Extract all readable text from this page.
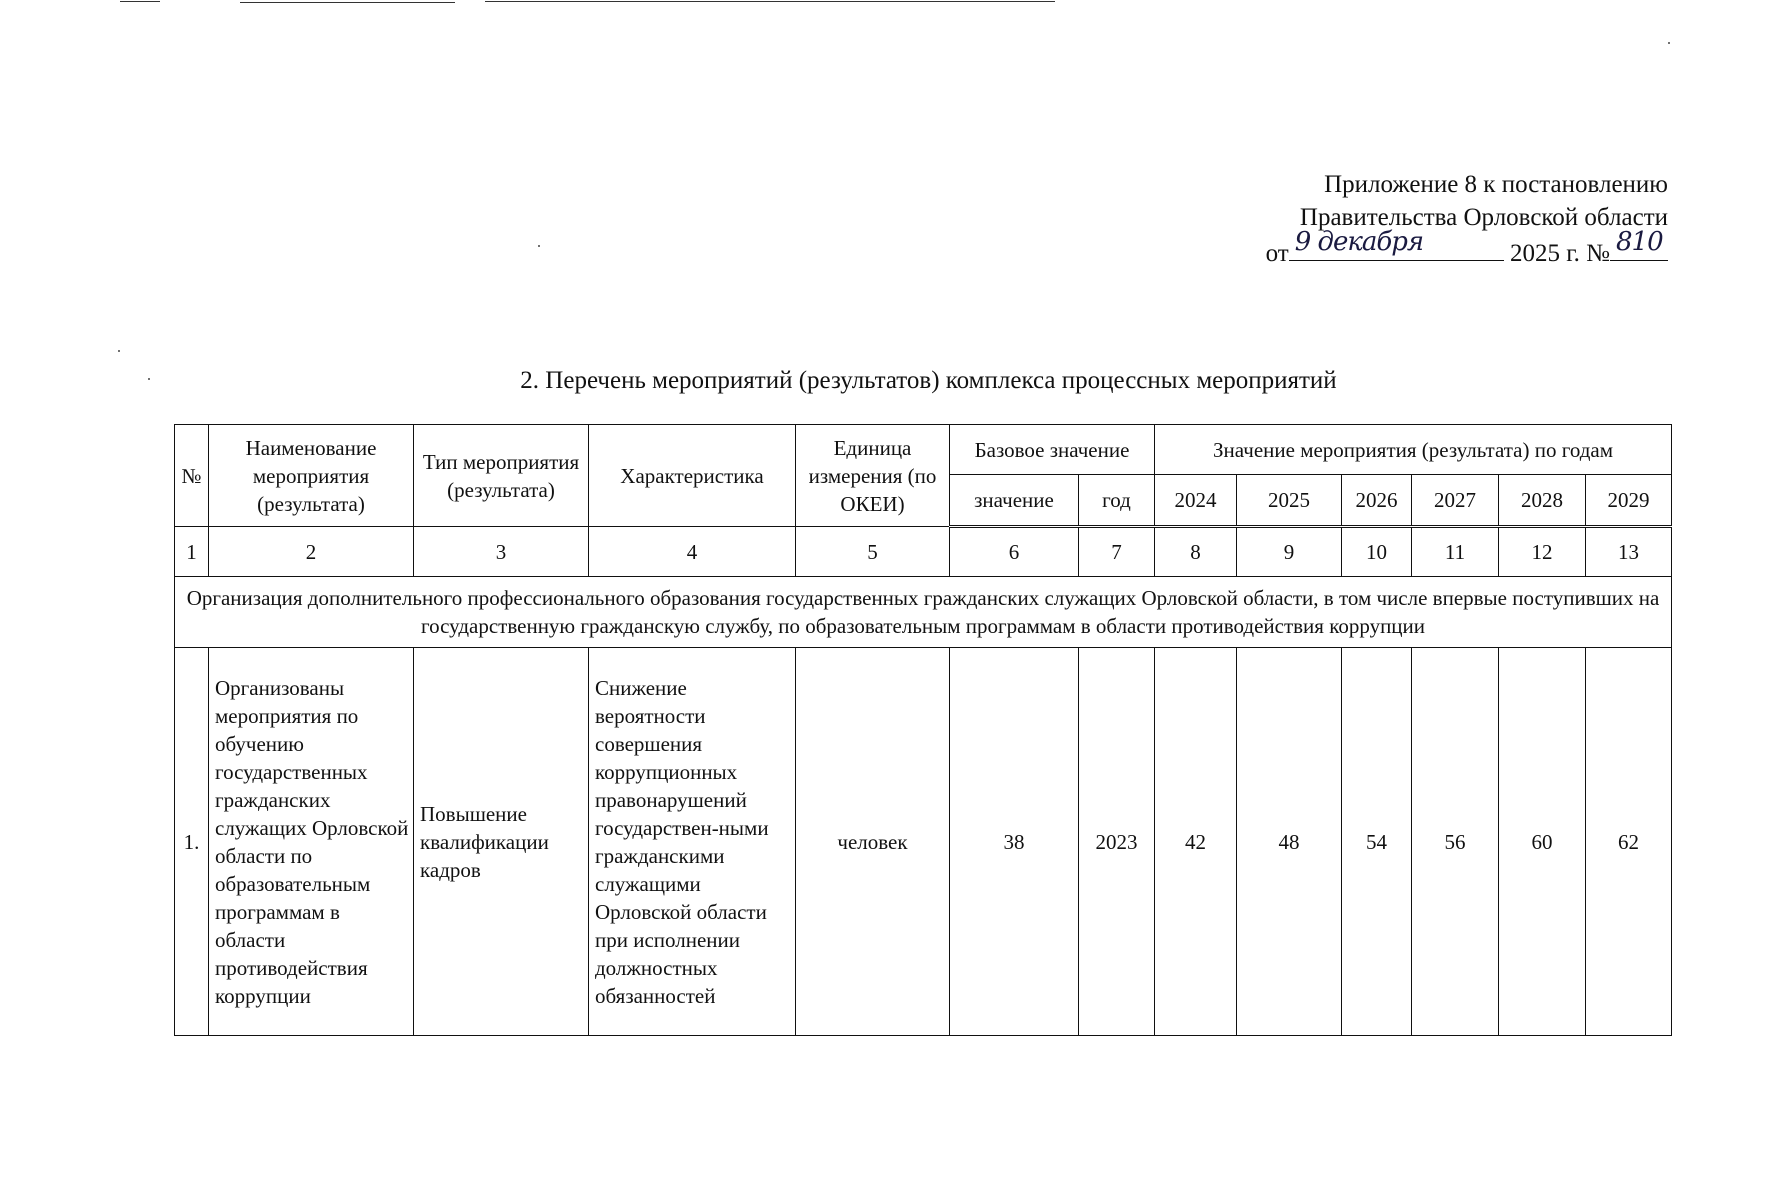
Приложение 8 к постановлению
Правительства Орловской области
от 9 декабря	2025 г. № 810
2. Перечень мероприятий (результатов) комплекса процессных мероприятий
№	Наименование мероприятия (результата)	Тип мероприятия (результата)	Характеристика	Единица измерения (по ОКЕИ)	Базовое значение		Значение мероприятия (результата) по годам					
					значение	год	2024	2025	2026	2027	2028	2029
1	2	3	4	5	6	7	8	9	10	11	12	13
Организация дополнительного профессионального образования государственных гражданских служащих Орловской области, в том числе впервые поступивших на государственную гражданскую службу, по образовательным программам в области противодействия коррупции												
1.	Организованы мероприятия по обучению государственных гражданских служащих Орловской области по образовательным программам в области противодействия коррупции	Повышение квалификации кадров	Снижение вероятности совершения коррупционных правонарушений государствен-ными гражданскими служащими Орловской области при исполнении должностных обязанностей	человек	38	2023	42	48	54	56	60	62
